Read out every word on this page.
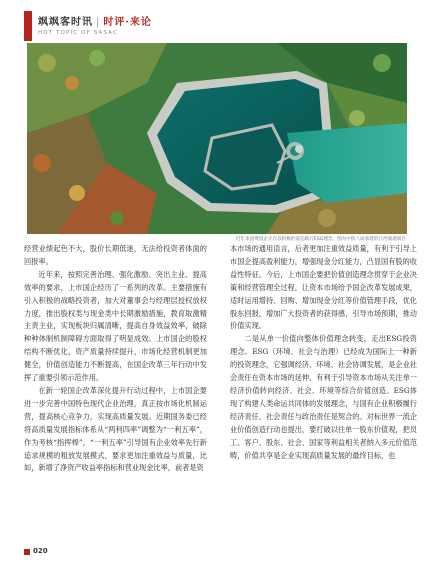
飒飒客时讯 | 时评·来论
HOT TOPIC OF SASAC
近年来国资国企正在以积极的姿态践行ESG理念。图为中铁八局承建的江西旅游项目

经营业绩起色不大，股价长期低迷，无法给投资者体面的回报率。

近年来，按照完善治理、强化激励、突出主业、提高效率的要求，上市国企经历了一系列的改革。主要措施有引入积极的战略投资者，加大对董事会与经理层授权放权力度，推出股权类与现金类中长期激励措施，教育取激精主责主业，实现板块归属清晰，提高自身效益效率，破除种种体制机制障碍方面取得了明显成效。上市国企的股权结构不断优化，资产质量持续提升，市场化经营机制更加健全，价值创造能力不断提高，在国企改革三年行动中发挥了重要引领示范作用。

在新一轮国企改革深化提升行动过程中，上市国企要进一步完善中国特色现代企业治理，真正按市场化机制运营，提高核心竞争力，实现高质量发展。近期国务委已经将高质量发展指标体系从“两利四率”调整为“一利五率”，作为考核“指挥棒”，“一利五率”引导国有企业效率先行新追求规模的粗放发展模式，要求更加注重效益与质量，比如，新增了净资产收益率指标和营业现金比率，前者是资

本市场的通用语言，后者更加注重效益质量，有利于引导上市国企提高盈利能力，增强现金分红能力，凸显国有股的收益性特征。今后，上市国企要把价值创造理念贯穿于企业决策和经营管理全过程，让资本市场给予国企改革发展成果，适时运用增持、回购、增加现金分红等价值管理手段，优化股东回报，增加广大投资者的获得感，引导市场预期，推动价值实现。

二是从单一价值向整体价值理念转变，走出ESG投资理念。ESG（环境、社会与治理）已经成为国际上一种新的投资理念，它强调经济、环境、社会协调发展，是企业社会责任在资本市场的延伸，有利于引导资本市场从关注单一经济价值转向经济、社会、环境等综合价值创造。ESG体现了构建人类命运共同体的发展理念，与国有企业积极履行经济责任、社会责任与政治责任是契合的。对标世界一流企业价值创造行动也提出，要打破以往单一股东价值观，把员工、客户、股东、社会、国家等利益相关者纳入多元价值范畴，价值共享是企业实现高质量发展的最终目标，也

020
